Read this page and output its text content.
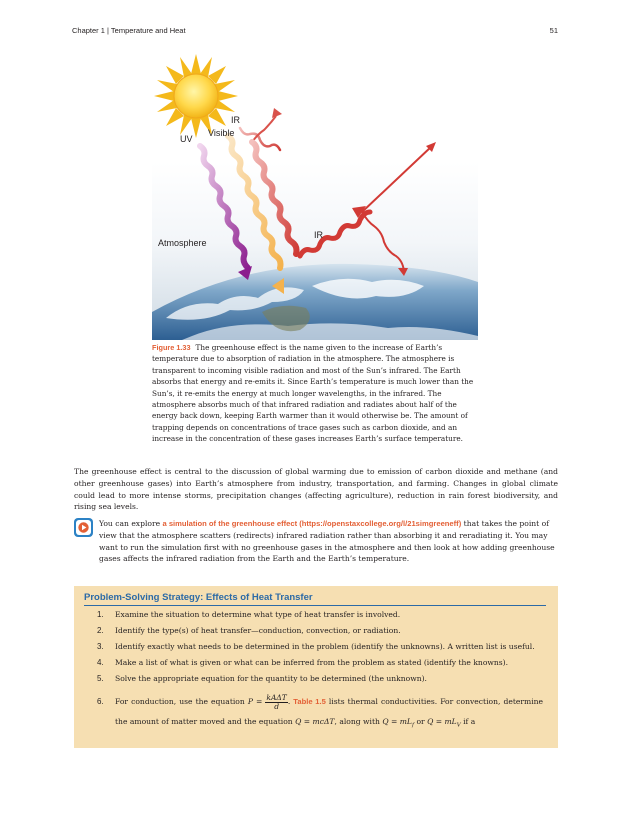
Chapter 1 | Temperature and Heat	51
UV
Visible
IR
IR
Atmosphere
Figure 1.33 The greenhouse effect is the name given to the increase of Earth’s temperature due to absorption of radiation in the atmosphere. The atmosphere is transparent to incoming visible radiation and most of the Sun’s infrared. The Earth absorbs that energy and re-emits it. Since Earth’s temperature is much lower than the Sun’s, it re-emits the energy at much longer wavelengths, in the infrared. The atmosphere absorbs much of that infrared radiation and radiates about half of the energy back down, keeping Earth warmer than it would otherwise be. The amount of trapping depends on concentrations of trace gases such as carbon dioxide, and an increase in the concentration of these gases increases Earth’s surface temperature.
The greenhouse effect is central to the discussion of global warming due to emission of carbon dioxide and methane (and other greenhouse gases) into Earth’s atmosphere from industry, transportation, and farming. Changes in global climate could lead to more intense storms, precipitation changes (affecting agriculture), reduction in rain forest biodiversity, and rising sea levels.
You can explore a simulation of the greenhouse effect (https://openstaxcollege.org/l/21simgreeneff) that takes the point of view that the atmosphere scatters (redirects) infrared radiation rather than absorbing it and reradiating it. You may want to run the simulation first with no greenhouse gases in the atmosphere and then look at how adding greenhouse gases affects the infrared radiation from the Earth and the Earth’s temperature.
Problem-Solving Strategy: Effects of Heat Transfer
1. Examine the situation to determine what type of heat transfer is involved.
2. Identify the type(s) of heat transfer—conduction, convection, or radiation.
3. Identify exactly what needs to be determined in the problem (identify the unknowns). A written list is useful.
4. Make a list of what is given or what can be inferred from the problem as stated (identify the knowns).
5. Solve the appropriate equation for the quantity to be determined (the unknown).
6. For conduction, use the equation $P = \frac{\text{kAΔT}}{d}$ . Table 1.5 lists thermal conductivities. For convection, determine the amount of matter moved and the equation Q = mcΔT, along with $Q = mL_f$ or $Q = mL_V$ if a
